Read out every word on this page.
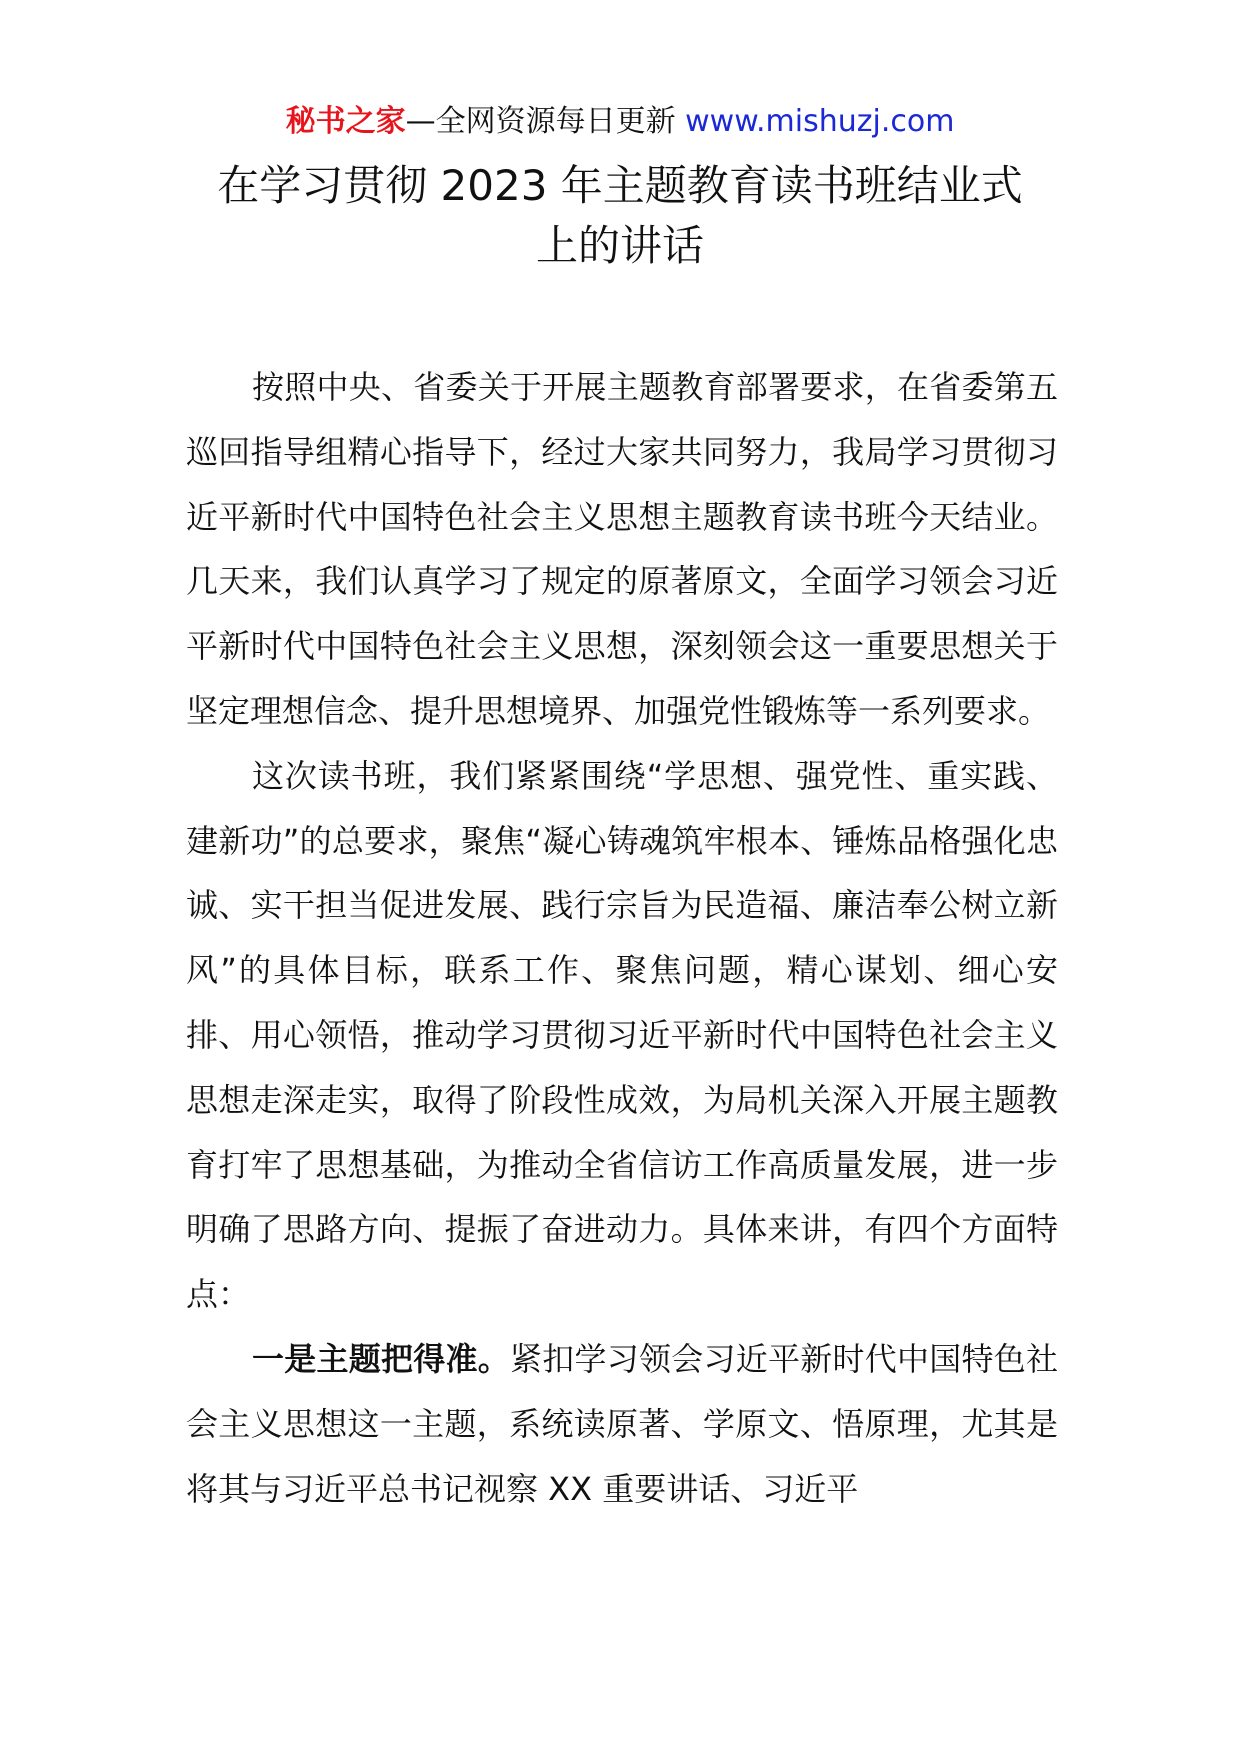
秘书之家—全网资源每日更新 www.mishuzj.com
在学习贯彻 2023 年主题教育读书班结业式
上的讲话

按照中央、省委关于开展主题教育部署要求，在省委第五巡回指导组精心指导下，经过大家共同努力，我局学习贯彻习近平新时代中国特色社会主义思想主题教育读书班今天结业。几天来，我们认真学习了规定的原著原文，全面学习领会习近平新时代中国特色社会主义思想，深刻领会这一重要思想关于坚定理想信念、提升思想境界、加强党性锻炼等一系列要求。

这次读书班，我们紧紧围绕“学思想、强党性、重实践、建新功”的总要求，聚焦“凝心铸魂筑牢根本、锤炼品格强化忠诚、实干担当促进发展、践行宗旨为民造福、廉洁奉公树立新风”的具体目标，联系工作、聚焦问题，精心谋划、细心安排、用心领悟，推动学习贯彻习近平新时代中国特色社会主义思想走深走实，取得了阶段性成效，为局机关深入开展主题教育打牢了思想基础，为推动全省信访工作高质量发展，进一步明确了思路方向、提振了奋进动力。具体来讲，有四个方面特点：

一是主题把得准。紧扣学习领会习近平新时代中国特色社会主义思想这一主题，系统读原著、学原文、悟原理，尤其是将其与习近平总书记视察 XX 重要讲话、习近平
